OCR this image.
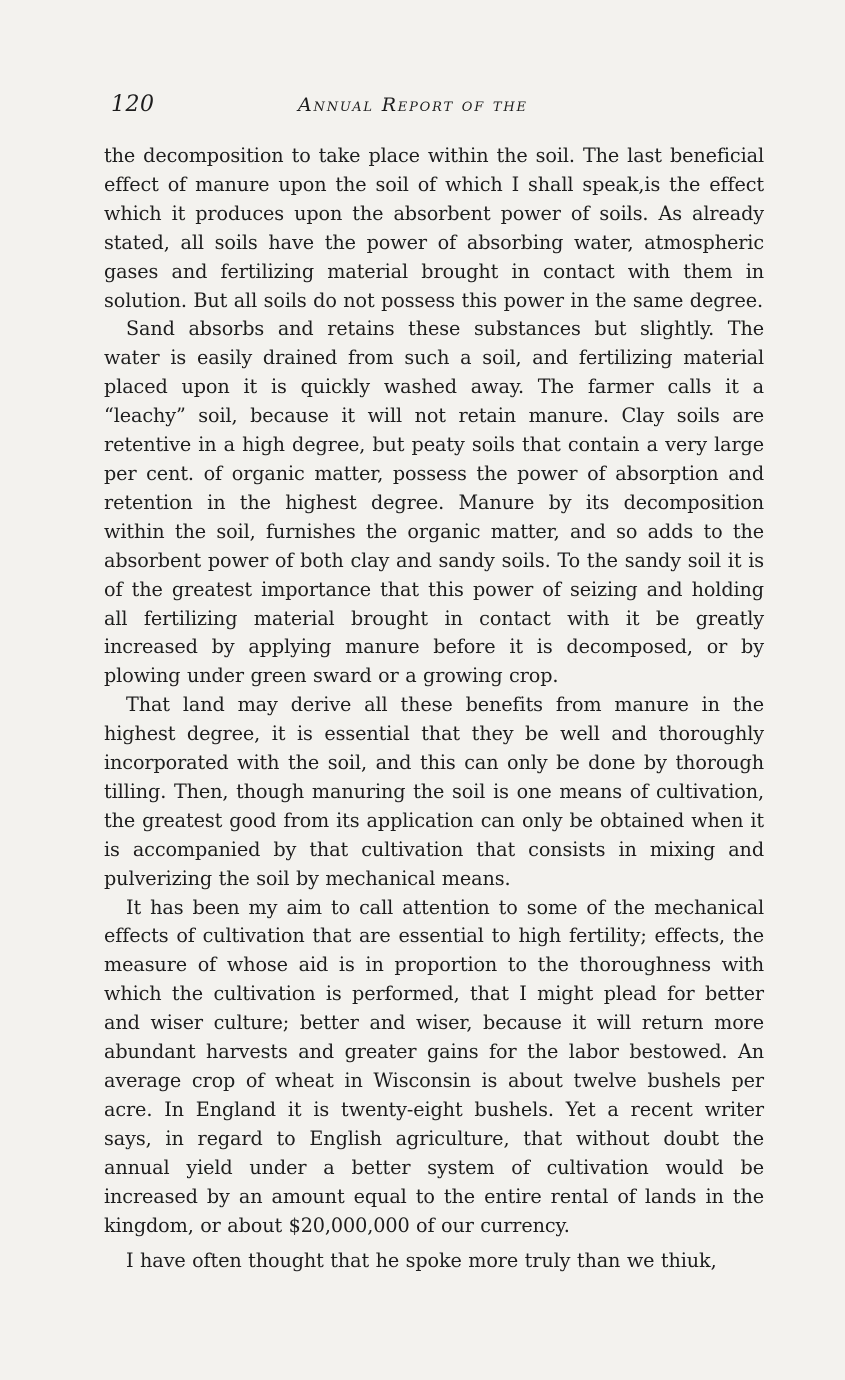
120	Annual Report of the

the decomposition to take place within the soil. The last beneficial effect of manure upon the soil of which I shall speak,is the effect which it produces upon the absorbent power of soils. As already stated, all soils have the power of absorbing water, atmospheric gases and fertilizing material brought in contact with them in solution. But all soils do not possess this power in the same degree.

Sand absorbs and retains these substances but slightly. The water is easily drained from such a soil, and fertilizing material placed upon it is quickly washed away. The farmer calls it a “leachy” soil, because it will not retain manure. Clay soils are retentive in a high degree, but peaty soils that contain a very large per cent. of organic matter, possess the power of absorption and retention in the highest degree. Manure by its decomposition within the soil, furnishes the organic matter, and so adds to the absorbent power of both clay and sandy soils. To the sandy soil it is of the greatest importance that this power of seizing and holding all fertilizing material brought in contact with it be greatly increased by applying manure before it is decomposed, or by plowing under green sward or a growing crop.

That land may derive all these benefits from manure in the highest degree, it is essential that they be well and thoroughly incorporated with the soil, and this can only be done by thorough tilling. Then, though manuring the soil is one means of cultivation, the greatest good from its application can only be obtained when it is accompanied by that cultivation that consists in mixing and pulverizing the soil by mechanical means.

It has been my aim to call attention to some of the mechanical effects of cultivation that are essential to high fertility; effects, the measure of whose aid is in proportion to the thoroughness with which the cultivation is performed, that I might plead for better and wiser culture; better and wiser, because it will return more abundant harvests and greater gains for the labor bestowed. An average crop of wheat in Wisconsin is about twelve bushels per acre. In England it is twenty-eight bushels. Yet a recent writer says, in regard to English agriculture, that without doubt the annual yield under a better system of cultivation would be increased by an amount equal to the entire rental of lands in the kingdom, or about $20,000,000 of our currency.

I have often thought that he spoke more truly than we thiuk,
